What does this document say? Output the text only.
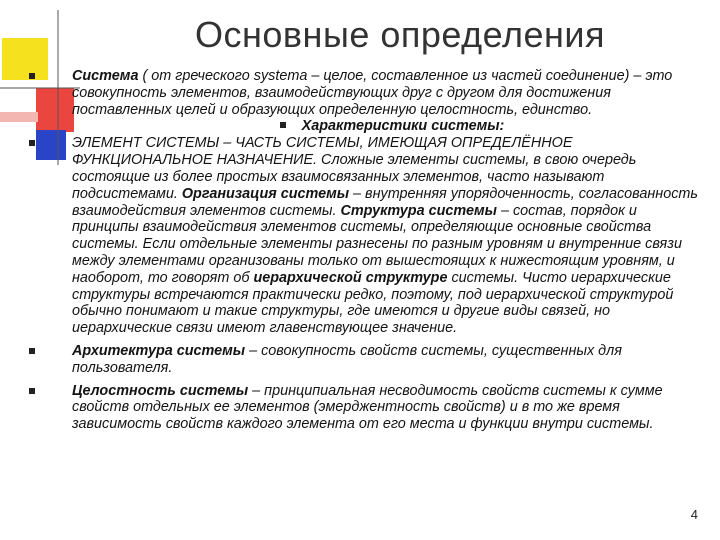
Основные определения
Система ( от греческого systema – целое, составленное из частей соединение) – это совокупность элементов, взаимодействующих друг с другом для достижения поставленных целей и образующих определенную целостность, единство.
Характеристики системы:
ЭЛЕМЕНТ СИСТЕМЫ – ЧАСТЬ СИСТЕМЫ, ИМЕЮЩАЯ ОПРЕДЕЛЁННОЕ ФУНКЦИОНАЛЬНОЕ НАЗНАЧЕНИЕ. Сложные элементы системы, в свою очередь состоящие из более простых взаимосвязанных элементов, часто называют подсистемами. Организация системы – внутренняя упорядоченность, согласованность взаимодействия элементов системы. Структура системы – состав, порядок и принципы взаимодействия элементов системы, определяющие основные свойства системы. Если отдельные элементы разнесены по разным уровням и внутренние связи между элементами организованы только от вышестоящих к нижестоящим уровням, и наоборот, то говорят об иерархической структуре системы. Чисто иерархические структуры встречаются практически редко, поэтому, под иерархической структурой обычно понимают и такие структуры, где имеются и другие виды связей, но иерархические связи имеют главенствующее значение.
Архитектура системы – совокупность свойств системы, существенных для пользователя.
Целостность системы – принципиальная несводимость свойств системы к сумме свойств отдельных ее элементов (эмерджентность свойств) и в то же время зависимость свойств каждого элемента от его места и функции внутри системы.
4
